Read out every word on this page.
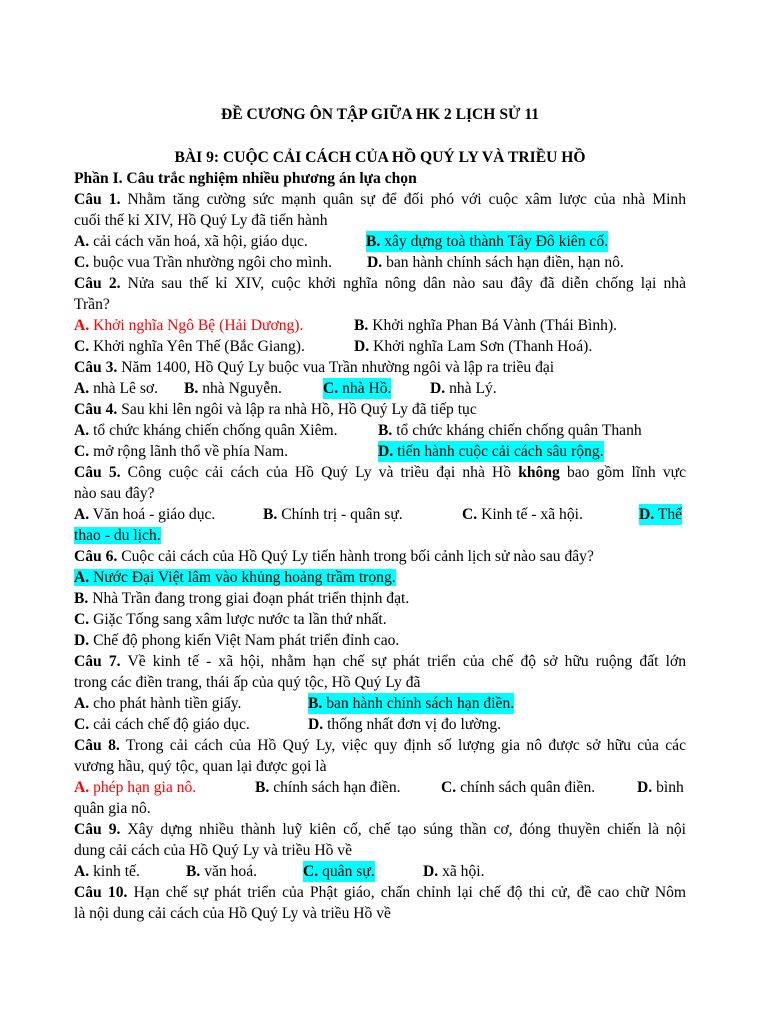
ĐỀ CƯƠNG ÔN TẬP GIỮA HK 2 LỊCH SỬ 11
BÀI 9: CUỘC CẢI CÁCH CỦA HỒ QUÝ LY VÀ TRIỀU HỒ
Phần I. Câu trắc nghiệm nhiều phương án lựa chọn
Câu 1. Nhằm tăng cường sức mạnh quân sự để đối phó với cuộc xâm lược của nhà Minh
cuối thế kỉ XIV, Hồ Quý Ly đã tiến hành
A. cải cách văn hoá, xã hội, giáo dục.	B. xây dựng toà thành Tây Đô kiên cố.
C. buộc vua Trần nhường ngôi cho mình. D. ban hành chính sách hạn điền, hạn nô.
Câu 2. Nửa sau thế kỉ XIV, cuộc khởi nghĩa nông dân nào sau đây đã diễn chống lại nhà
Trần?
A. Khởi nghĩa Ngô Bệ (Hải Dương).	B. Khởi nghĩa Phan Bá Vành (Thái Bình).
C. Khởi nghĩa Yên Thế (Bắc Giang).	D. Khởi nghĩa Lam Sơn (Thanh Hoá).
Câu 3. Năm 1400, Hồ Quý Ly buộc vua Trần nhường ngôi và lập ra triều đại
A. nhà Lê sơ. B. nhà Nguyễn.	C. nhà Hồ. D. nhà Lý.
Câu 4. Sau khi lên ngôi và lập ra nhà Hồ, Hồ Quý Ly đã tiếp tục
A. tổ chức kháng chiến chống quân Xiêm.	B. tổ chức kháng chiến chống quân Thanh
C. mở rộng lãnh thổ về phía Nam.	D. tiến hành cuộc cải cách sâu rộng.
Câu 5. Công cuộc cải cách của Hồ Quý Ly và triều đại nhà Hồ không bao gồm lĩnh vực
nào sau đây?
A. Văn hoá - giáo dục.	B. Chính trị - quân sự.	C. Kinh tế - xã hội.	D. Thể
thao - du lịch.
Câu 6. Cuộc cải cách của Hồ Quý Ly tiến hành trong bối cảnh lịch sử nào sau đây?
A. Nước Đại Việt lâm vào khủng hoảng trầm trọng.
B. Nhà Trần đang trong giai đoạn phát triển thịnh đạt.
C. Giặc Tống sang xâm lược nước ta lần thứ nhất.
D. Chế độ phong kiến Việt Nam phát triển đỉnh cao.
Câu 7. Về kinh tế - xã hội, nhằm hạn chế sự phát triển của chế độ sở hữu ruộng đất lớn
trong các điền trang, thái ấp của quý tộc, Hồ Quý Ly đã
A. cho phát hành tiền giấy.	B. ban hành chính sách hạn điền.
C. cải cách chế độ giáo dục.	D. thống nhất đơn vị đo lường.
Câu 8. Trong cải cách của Hồ Quý Ly, việc quy định số lượng gia nô được sở hữu của các
vương hầu, quý tộc, quan lại được gọi là
A. phép hạn gia nô.	B. chính sách hạn điền.	C. chính sách quân điền.	D. bình
quân gia nô.
Câu 9. Xây dựng nhiều thành luỹ kiên cố, chế tạo súng thần cơ, đóng thuyền chiến là nội
dung cải cách của Hồ Quý Ly và triều Hồ về
A. kinh tế.	B. văn hoá.	C. quân sự.	D. xã hội.
Câu 10. Hạn chế sự phát triển của Phật giáo, chấn chỉnh lại chế độ thi cử, đề cao chữ Nôm
là nội dung cải cách của Hồ Quý Ly và triều Hồ về
